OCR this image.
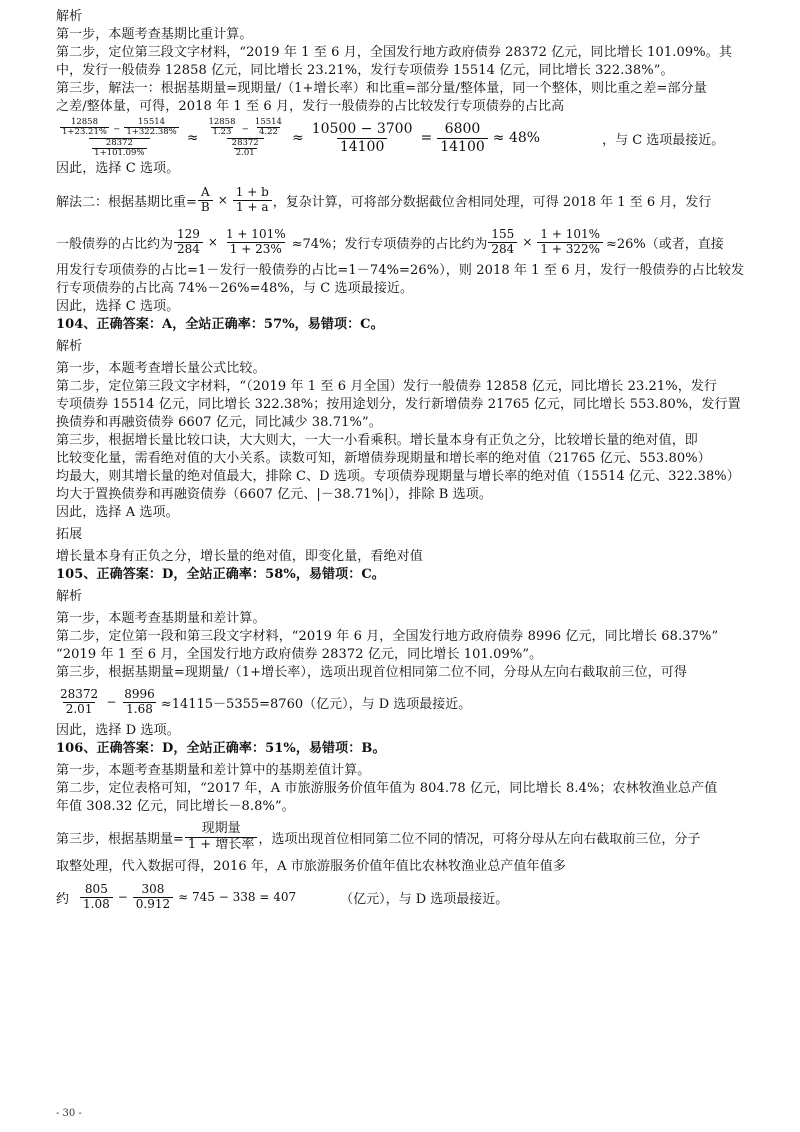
解析
第一步，本题考查基期比重计算。
第二步，定位第三段文字材料，“2019 年 1 至 6 月，全国发行地方政府债券 28372 亿元，同比增长 101.09%。其
中，发行一般债券 12858 亿元，同比增长 23.21%，发行专项债券 15514 亿元，同比增长 322.38%”。
第三步，解法一：根据基期量=现期量/（1+增长率）和比重=部分量/整体量，同一个整体，则比重之差=部分量
之差/整体量，可得，2018 年 1 至 6 月，发行一般债券的占比较发行专项债券的占比高
$\frac{\frac{12858}{1+23.21\%} - \frac{15514}{1+322.38\%}}{\frac{28372}{1+101.09\%}} \approx \frac{\frac{12858}{1.23} - \frac{15514}{4.22}}{\frac{28372}{2.01}} \approx \frac{10500 - 3700}{14100} = \frac{6800}{14100} \approx 48\%$	，与 C 选项最接近。
因此，选择 C 选项。
解法二：根据基期比重= $\frac{A}{B} \times \frac{1 + b}{1 + a}$ ，复杂计算，可将部分数据截位舍相同处理，可得 2018 年 1 至 6 月，发行
一般债券的占比约为 $\frac{129}{284} \times \frac{1 + 101\%}{1 + 23\%} \approx 74\%$；发行专项债券的占比约为 $\frac{155}{284} \times \frac{1 + 101\%}{1 + 322\%} \approx 26\%$（或者，直接
用发行专项债券的占比=1－发行一般债券的占比=1－74%=26%），则 2018 年 1 至 6 月，发行一般债券的占比较发
行专项债券的占比高 74%－26%=48%，与 C 选项最接近。
因此，选择 C 选项。
104、正确答案：A，全站正确率：57%，易错项：C。
解析
第一步，本题考查增长量公式比较。
第二步，定位第三段文字材料，“（2019 年 1 至 6 月全国）发行一般债券 12858 亿元，同比增长 23.21%，发行
专项债券 15514 亿元，同比增长 322.38%；按用途划分，发行新增债券 21765 亿元，同比增长 553.80%，发行置
换债券和再融资债券 6607 亿元，同比减少 38.71%”。
第三步，根据增长量比较口诀，大大则大，一大一小看乘积。增长量本身有正负之分，比较增长量的绝对值，即
比较变化量，需看绝对值的大小关系。读数可知，新增债券现期量和增长率的绝对值（21765 亿元、553.80%）
均最大，则其增长量的绝对值最大，排除 C、D 选项。专项债券现期量与增长率的绝对值（15514 亿元、322.38%）
均大于置换债券和再融资债券（6607 亿元、|－38.71%|），排除 B 选项。
因此，选择 A 选项。
拓展
增长量本身有正负之分，增长量的绝对值，即变化量，看绝对值
105、正确答案：D，全站正确率：58%，易错项：C。
解析
第一步，本题考查基期量和差计算。
第二步，定位第一段和第三段文字材料，“2019 年 6 月，全国发行地方政府债券 8996 亿元，同比增长 68.37%”
“2019 年 1 至 6 月，全国发行地方政府债券 28372 亿元，同比增长 101.09%”。
第三步，根据基期量=现期量/（1+增长率），选项出现首位相同第二位不同，分母从左向右截取前三位，可得
$\frac{28372}{2.01} - \frac{8996}{1.68} \approx 14115-5355=8760$（亿元），与 D 选项最接近。
因此，选择 D 选项。
106、正确答案：D，全站正确率：51%，易错项：B。
第一步，本题考查基期量和差计算中的基期差值计算。
第二步，定位表格可知，“2017 年，A 市旅游服务价值年值为 804.78 亿元，同比增长 8.4%；农林牧渔业总产值
年值 308.32 亿元，同比增长－8.8%”。
第三步，根据基期量= $\frac{\text{现期量}}{\text{1 + 增长率}}$ ，选项出现首位相同第二位不同的情况，可将分母从左向右截取前三位，分子
取整处理，代入数据可得，2016 年，A 市旅游服务价值年值比农林牧渔业总产值年值多
约 $\frac{805}{1.08} - \frac{308}{0.912} \approx 745 - 338 = 407$	（亿元），与 D 选项最接近。
- 30 -
